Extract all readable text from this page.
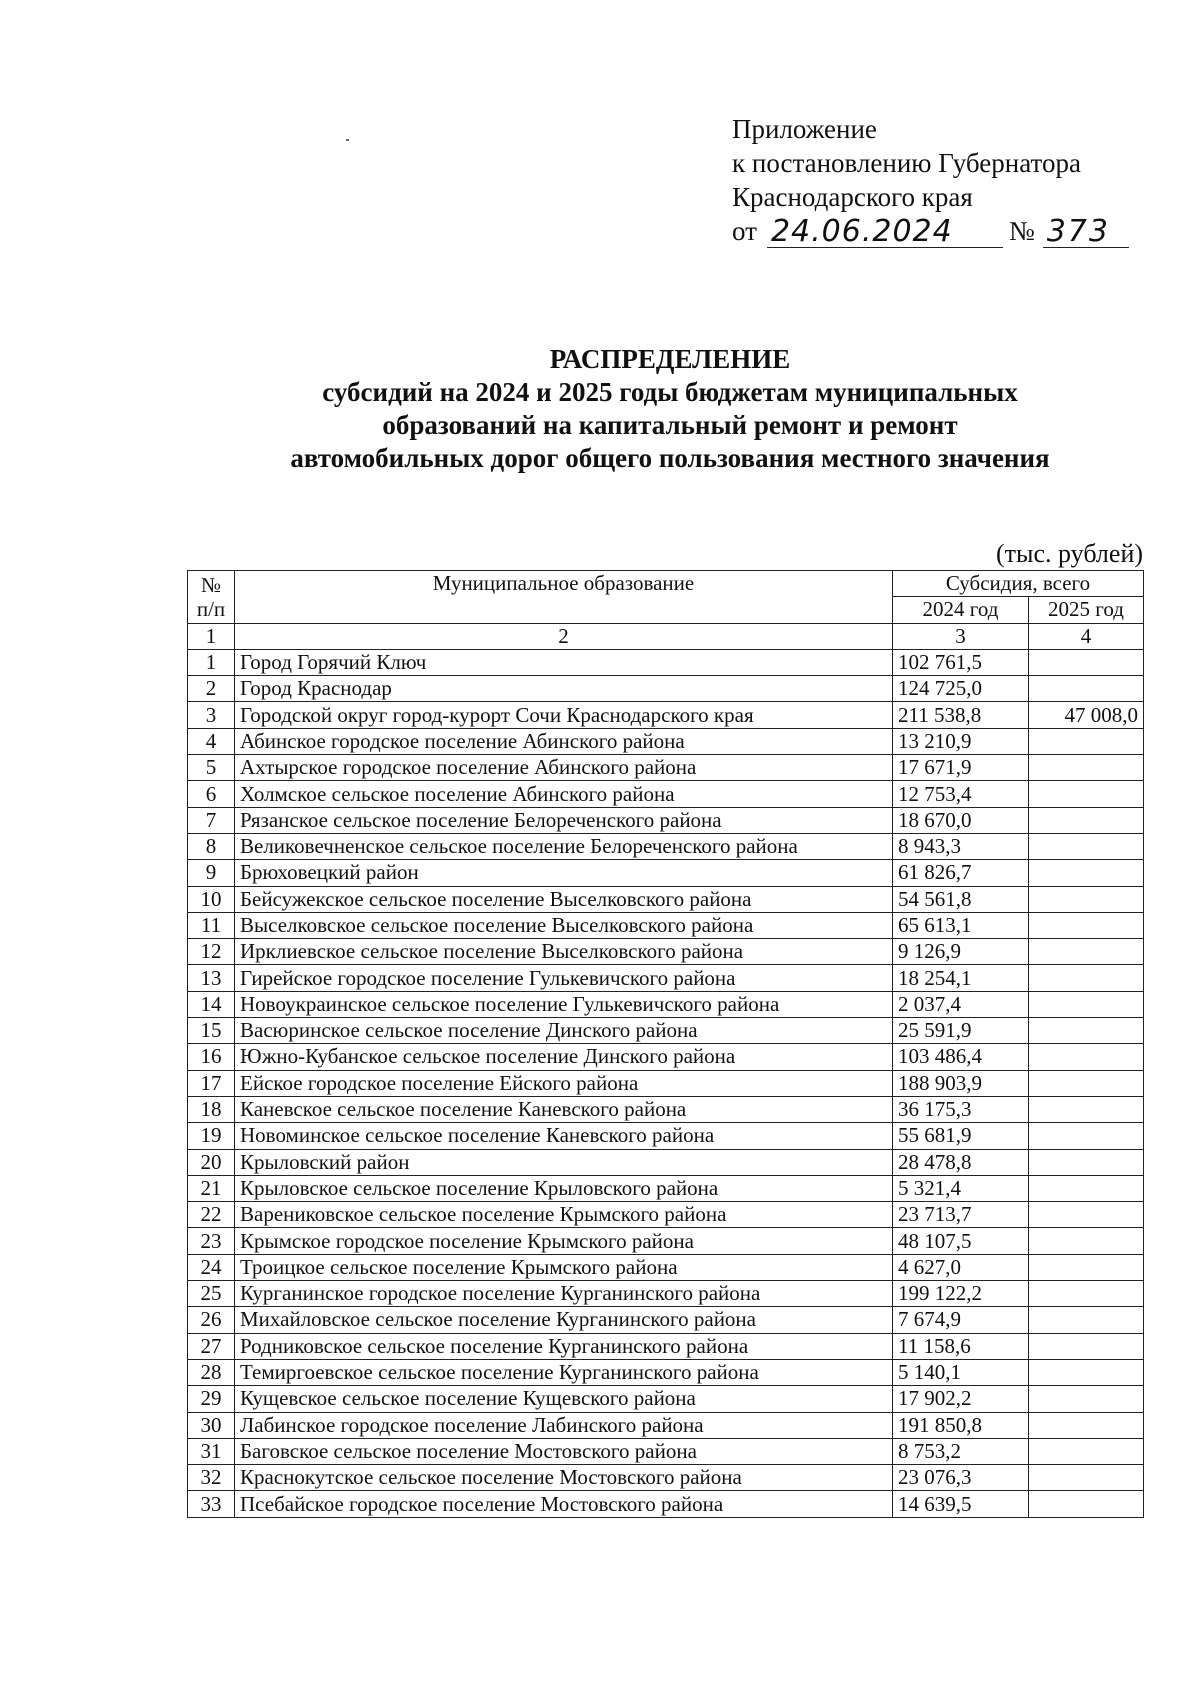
Приложение
к постановлению Губернатора
Краснодарского края
от 24.06.2024	№ 373
РАСПРЕДЕЛЕНИЕ
субсидий на 2024 и 2025 годы бюджетам муниципальных
образований на капитальный ремонт и ремонт
автомобильных дорог общего пользования местного значения
(тыс. рублей)
№
п/п	Муниципальное образование	Субсидия, всего	
		2024 год	2025 год
1	2	3	4
1	Город Горячий Ключ	102 761,5	
2	Город Краснодар	124 725,0	
3	Городской округ город-курорт Сочи Краснодарского края	211 538,8	47 008,0
4	Абинское городское поселение Абинского района	13 210,9	
5	Ахтырское городское поселение Абинского района	17 671,9	
6	Холмское сельское поселение Абинского района	12 753,4	
7	Рязанское сельское поселение Белореченского района	18 670,0	
8	Великовечненское сельское поселение Белореченского района	8 943,3	
9	Брюховецкий район	61 826,7	
10	Бейсужекское сельское поселение Выселковского района	54 561,8	
11	Выселковское сельское поселение Выселковского района	65 613,1	
12	Ирклиевское сельское поселение Выселковского района	9 126,9	
13	Гирейское городское поселение Гулькевичского района	18 254,1	
14	Новоукраинское сельское поселение Гулькевичского района	2 037,4	
15	Васюринское сельское поселение Динского района	25 591,9	
16	Южно-Кубанское сельское поселение Динского района	103 486,4	
17	Ейское городское поселение Ейского района	188 903,9	
18	Каневское сельское поселение Каневского района	36 175,3	
19	Новоминское сельское поселение Каневского района	55 681,9	
20	Крыловский район	28 478,8	
21	Крыловское сельское поселение Крыловского района	5 321,4	
22	Варениковское сельское поселение Крымского района	23 713,7	
23	Крымское городское поселение Крымского района	48 107,5	
24	Троицкое сельское поселение Крымского района	4 627,0	
25	Курганинское городское поселение Курганинского района	199 122,2	
26	Михайловское сельское поселение Курганинского района	7 674,9	
27	Родниковское сельское поселение Курганинского района	11 158,6	
28	Темиргоевское сельское поселение Курганинского района	5 140,1	
29	Кущевское сельское поселение Кущевского района	17 902,2	
30	Лабинское городское поселение Лабинского района	191 850,8	
31	Баговское сельское поселение Мостовского района	8 753,2	
32	Краснокутское сельское поселение Мостовского района	23 076,3	
33	Псебайское городское поселение Мостовского района	14 639,5	
